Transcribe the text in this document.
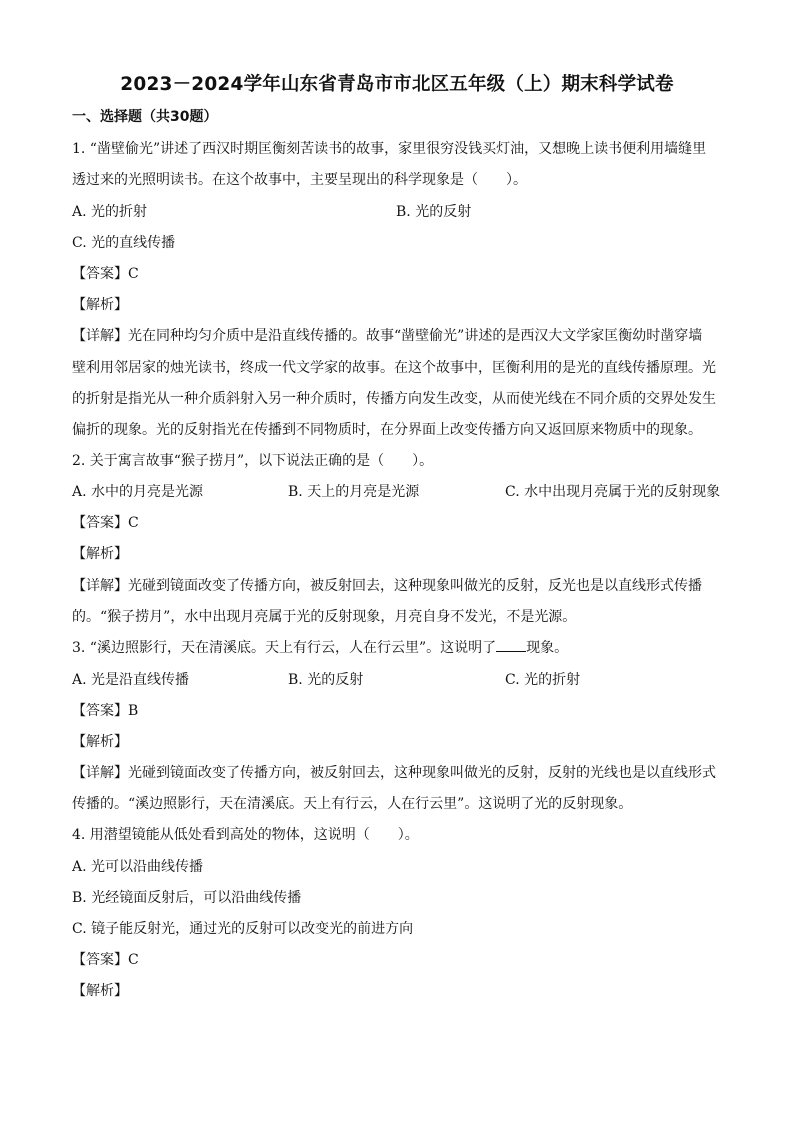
2023－2024学年山东省青岛市市北区五年级（上）期末科学试卷
一、选择题（共30题）
1. “凿壁偷光”讲述了西汉时期匡衡刻苦读书的故事，家里很穷没钱买灯油，又想晚上读书便利用墙缝里
透过来的光照明读书。在这个故事中，主要呈现出的科学现象是（　　）。
A. 光的折射	B. 光的反射
C. 光的直线传播
【答案】C
【解析】
【详解】光在同种均匀介质中是沿直线传播的。故事“凿壁偷光”讲述的是西汉大文学家匡衡幼时凿穿墙
壁利用邻居家的烛光读书，终成一代文学家的故事。在这个故事中，匡衡利用的是光的直线传播原理。光
的折射是指光从一种介质斜射入另一种介质时，传播方向发生改变，从而使光线在不同介质的交界处发生
偏折的现象。光的反射指光在传播到不同物质时，在分界面上改变传播方向又返回原来物质中的现象。
2. 关于寓言故事“猴子捞月”，以下说法正确的是（　　）。
A. 水中的月亮是光源	B. 天上的月亮是光源	C. 水中出现月亮属于光的反射现象
【答案】C
【解析】
【详解】光碰到镜面改变了传播方向，被反射回去，这种现象叫做光的反射，反光也是以直线形式传播
的。“猴子捞月”，水中出现月亮属于光的反射现象，月亮自身不发光，不是光源。
3. “溪边照影行，天在清溪底。天上有行云，人在行云里”。这说明了 现象。
A. 光是沿直线传播	B. 光的反射	C. 光的折射
【答案】B
【解析】
【详解】光碰到镜面改变了传播方向，被反射回去，这种现象叫做光的反射，反射的光线也是以直线形式
传播的。“溪边照影行，天在清溪底。天上有行云，人在行云里”。这说明了光的反射现象。
4. 用潜望镜能从低处看到高处的物体，这说明（　　）。
A. 光可以沿曲线传播
B. 光经镜面反射后，可以沿曲线传播
C. 镜子能反射光，通过光的反射可以改变光的前进方向
【答案】C
【解析】
